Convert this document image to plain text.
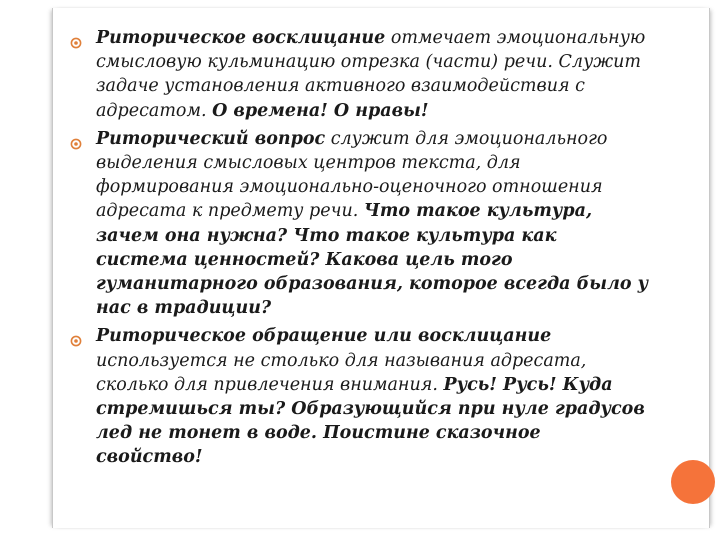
Риторическое восклицание отмечает эмоциональную смысловую кульминацию отрезка (части) речи. Служит задаче установления активного взаимодействия с адресатом. О времена! О нравы!
Риторический вопрос служит для эмоционального выделения смысловых центров текста, для формирования эмоционально-оценочного отношения адресата к предмету речи. Что такое культура, зачем она нужна? Что такое культура как система ценностей? Какова цель того гуманитарного образования, которое всегда было у нас в традиции?
Риторическое обращение или восклицание используется не столько для называния адресата, сколько для привлечения внимания. Русь! Русь! Куда стремишься ты? Образующийся при нуле градусов лед не тонет в воде. Поистине сказочное свойство!
